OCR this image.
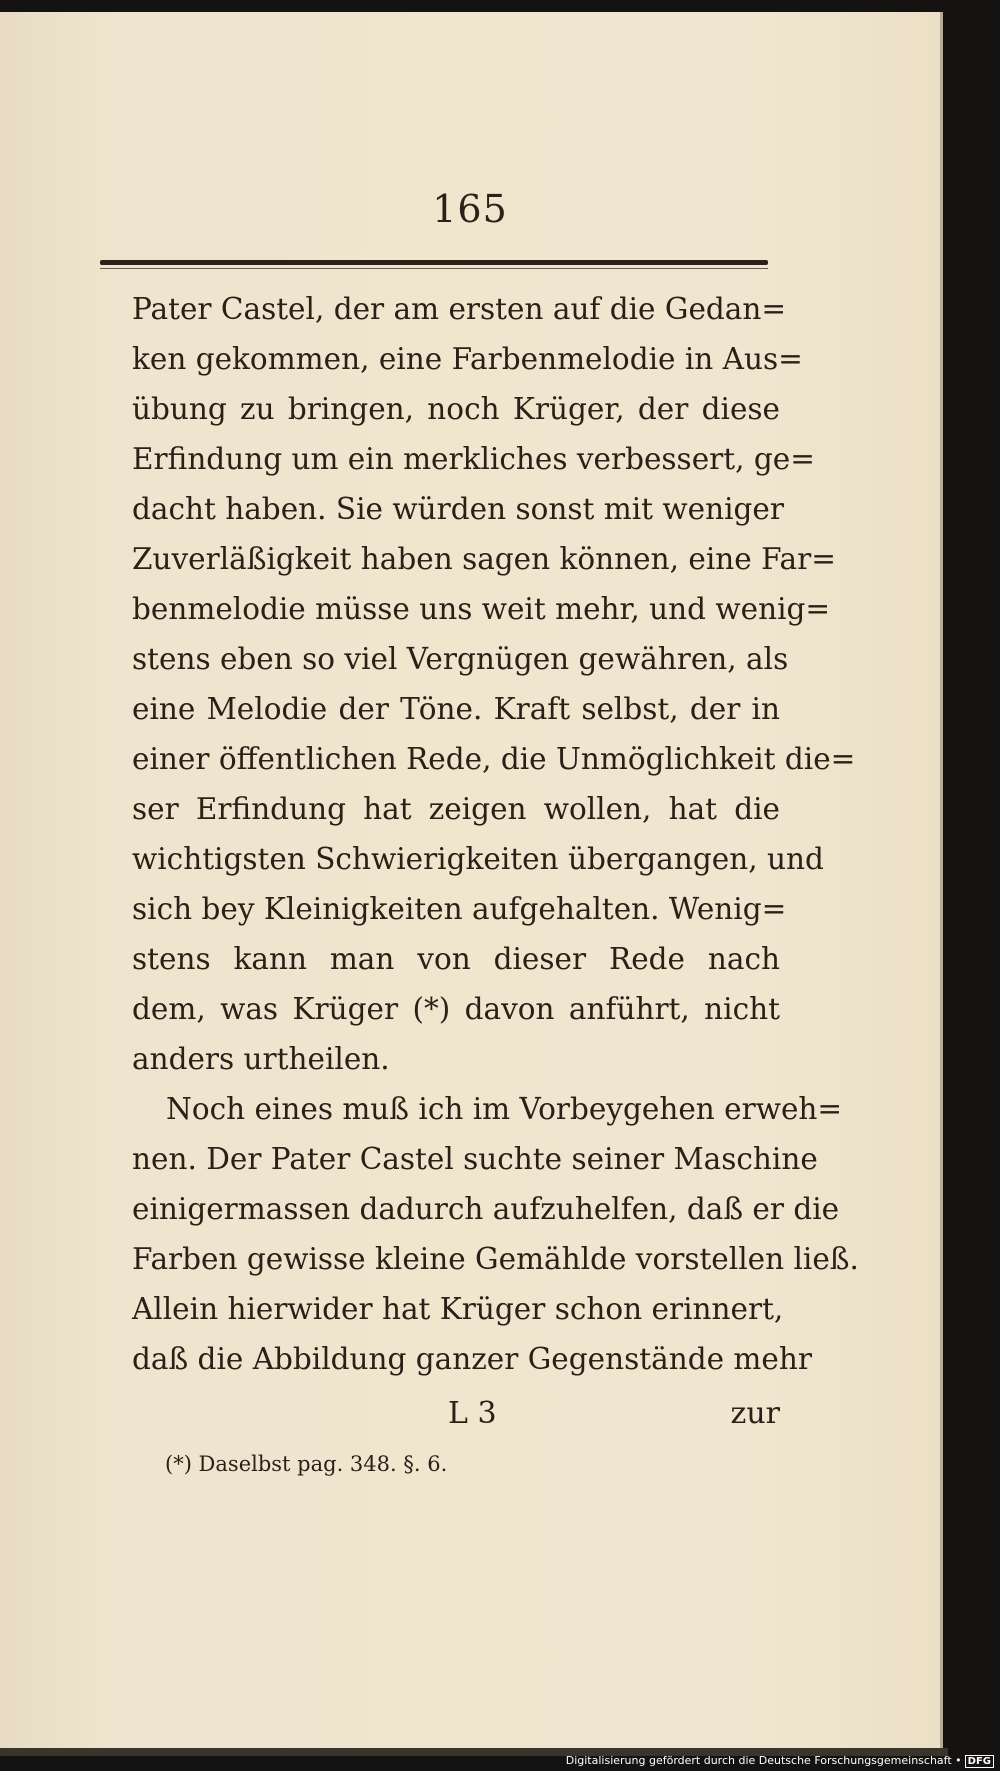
165
Pater Castel, der am ersten auf die Gedan=
ken gekommen, eine Farbenmelodie in Aus=
übung zu bringen, noch Krüger, der diese
Erfindung um ein merkliches verbessert, ge=
dacht haben. Sie würden sonst mit weniger
Zuverläßigkeit haben sagen können, eine Far=
benmelodie müsse uns weit mehr, und wenig=
stens eben so viel Vergnügen gewähren, als
eine Melodie der Töne. Kraft selbst, der in
einer öffentlichen Rede, die Unmöglichkeit die=
ser Erfindung hat zeigen wollen, hat die
wichtigsten Schwierigkeiten übergangen, und
sich bey Kleinigkeiten aufgehalten. Wenig=
stens kann man von dieser Rede nach
dem, was Krüger (*) davon anführt, nicht
anders urtheilen.
Noch eines muß ich im Vorbeygehen erweh=
nen. Der Pater Castel suchte seiner Maschine
einigermassen dadurch aufzuhelfen, daß er die
Farben gewisse kleine Gemählde vorstellen ließ.
Allein hierwider hat Krüger schon erinnert,
daß die Abbildung ganzer Gegenstände mehr
L 3	zur
(*) Daselbst pag. 348. §. 6.
Digitalisierung gefördert durch die Deutsche Forschungsgemeinschaft • DFG
